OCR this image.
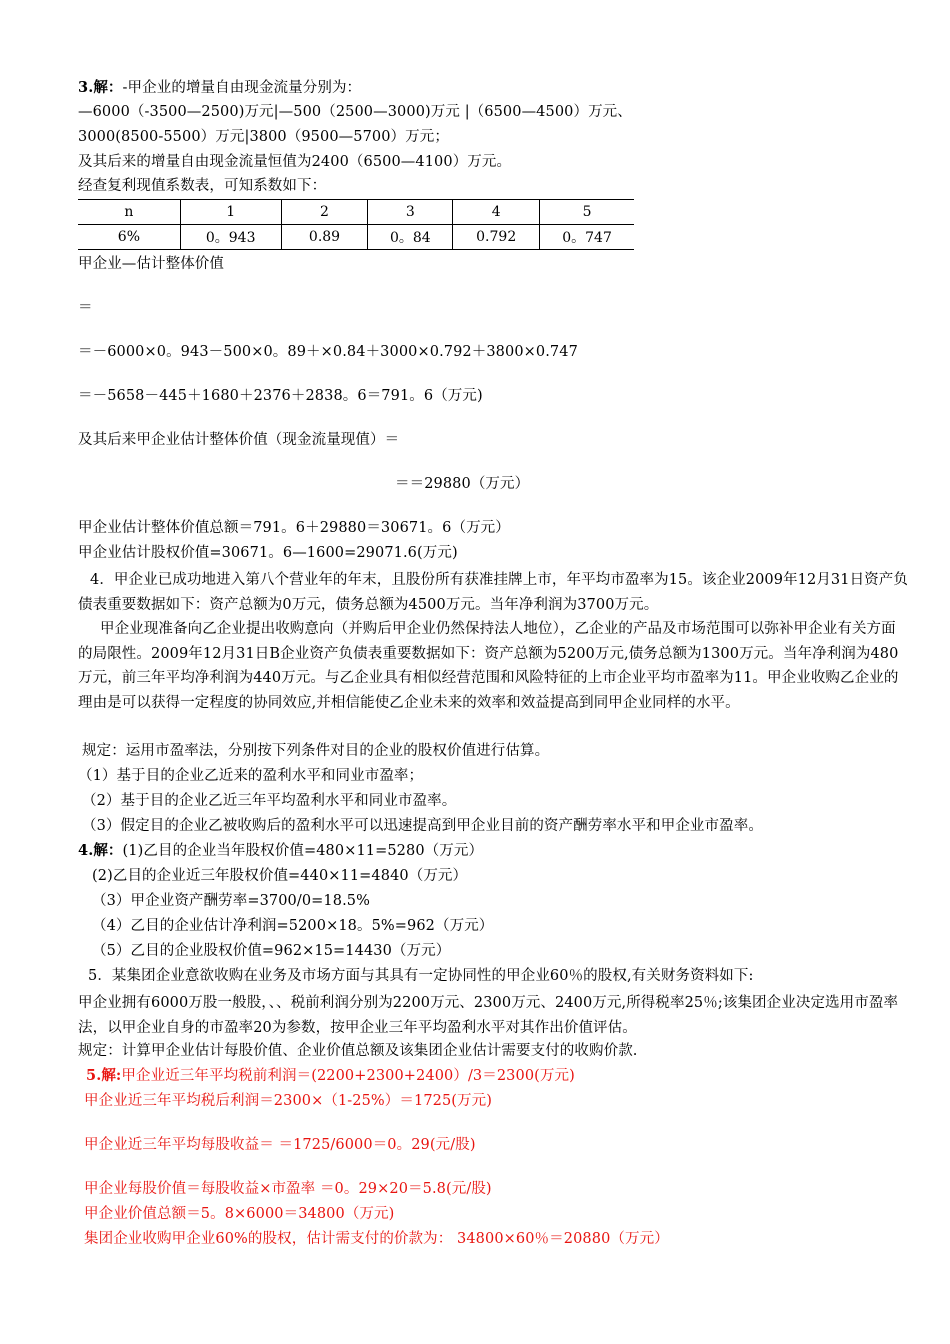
3.解：-甲企业的增量自由现金流量分别为：
—6000（-3500—2500)万元|—500（2500—3000)万元 |（6500—4500）万元、
3000(8500-5500）万元|3800（9500—5700）万元；
及其后来的增量自由现金流量恒值为2400（6500—4100）万元。
经查复利现值系数表，可知系数如下：
n	1	2	3	4	5
6%	0。943	0.89	0。84	0.792	0。747
甲企业—估计整体价值
＝
＝－6000×0。943－500×0。89＋×0.84＋3000×0.792＋3800×0.747
＝－5658－445＋1680＋2376＋2838。6＝791。6（万元)
及其后来甲企业估计整体价值（现金流量现值）＝
＝＝29880（万元）
甲企业估计整体价值总额＝791。6＋29880＝30671。6（万元）
甲企业估计股权价值=30671。6—1600=29071.6(万元)
4．甲企业已成功地进入第八个营业年的年末，且股份所有获准挂牌上市，年平均市盈率为15。该企业2009年12月31日资产负债表重要数据如下：资产总额为0万元，债务总额为4500万元。当年净利润为3700万元。
甲企业现准备向乙企业提出收购意向（并购后甲企业仍然保持法人地位），乙企业的产品及市场范围可以弥补甲企业有关方面的局限性。2009年12月31日B企业资产负债表重要数据如下：资产总额为5200万元,债务总额为1300万元。当年净利润为480万元，前三年平均净利润为440万元。与乙企业具有相似经营范围和风险特征的上市企业平均市盈率为11。甲企业收购乙企业的理由是可以获得一定程度的协同效应,并相信能使乙企业未来的效率和效益提高到同甲企业同样的水平。
规定：运用市盈率法，分别按下列条件对目的企业的股权价值进行估算。
（1）基于目的企业乙近来的盈利水平和同业市盈率；
（2）基于目的企业乙近三年平均盈利水平和同业市盈率。
（3）假定目的企业乙被收购后的盈利水平可以迅速提高到甲企业目前的资产酬劳率水平和甲企业市盈率。
4.解：(1)乙目的企业当年股权价值=480×11=5280（万元）
(2)乙目的企业近三年股权价值=440×11=4840（万元）
（3）甲企业资产酬劳率=3700/0=18.5%
（4）乙目的企业估计净利润=5200×18。5%=962（万元）
（5）乙目的企业股权价值=962×15=14430（万元）
5．某集团企业意欲收购在业务及市场方面与其具有一定协同性的甲企业60％的股权,有关财务资料如下:
甲企业拥有6000万股一般股，、、税前利润分别为2200万元、2300万元、2400万元,所得税率25％;该集团企业决定选用市盈率法，以甲企业自身的市盈率20为参数，按甲企业三年平均盈利水平对其作出价值评估。
规定：计算甲企业估计每股价值、企业价值总额及该集团企业估计需要支付的收购价款.
5.解:甲企业近三年平均税前利润＝(2200+2300+2400）/3＝2300(万元)
甲企业近三年平均税后利润＝2300×（1-25%）＝1725(万元)
甲企业近三年平均每股收益＝ ＝1725/6000＝0。29(元/股)
甲企业每股价值＝每股收益×市盈率 ＝0。29×20＝5.8(元/股)
甲企业价值总额＝5。8×6000＝34800（万元)
集团企业收购甲企业60%的股权，估计需支付的价款为： 34800×60％＝20880（万元）
